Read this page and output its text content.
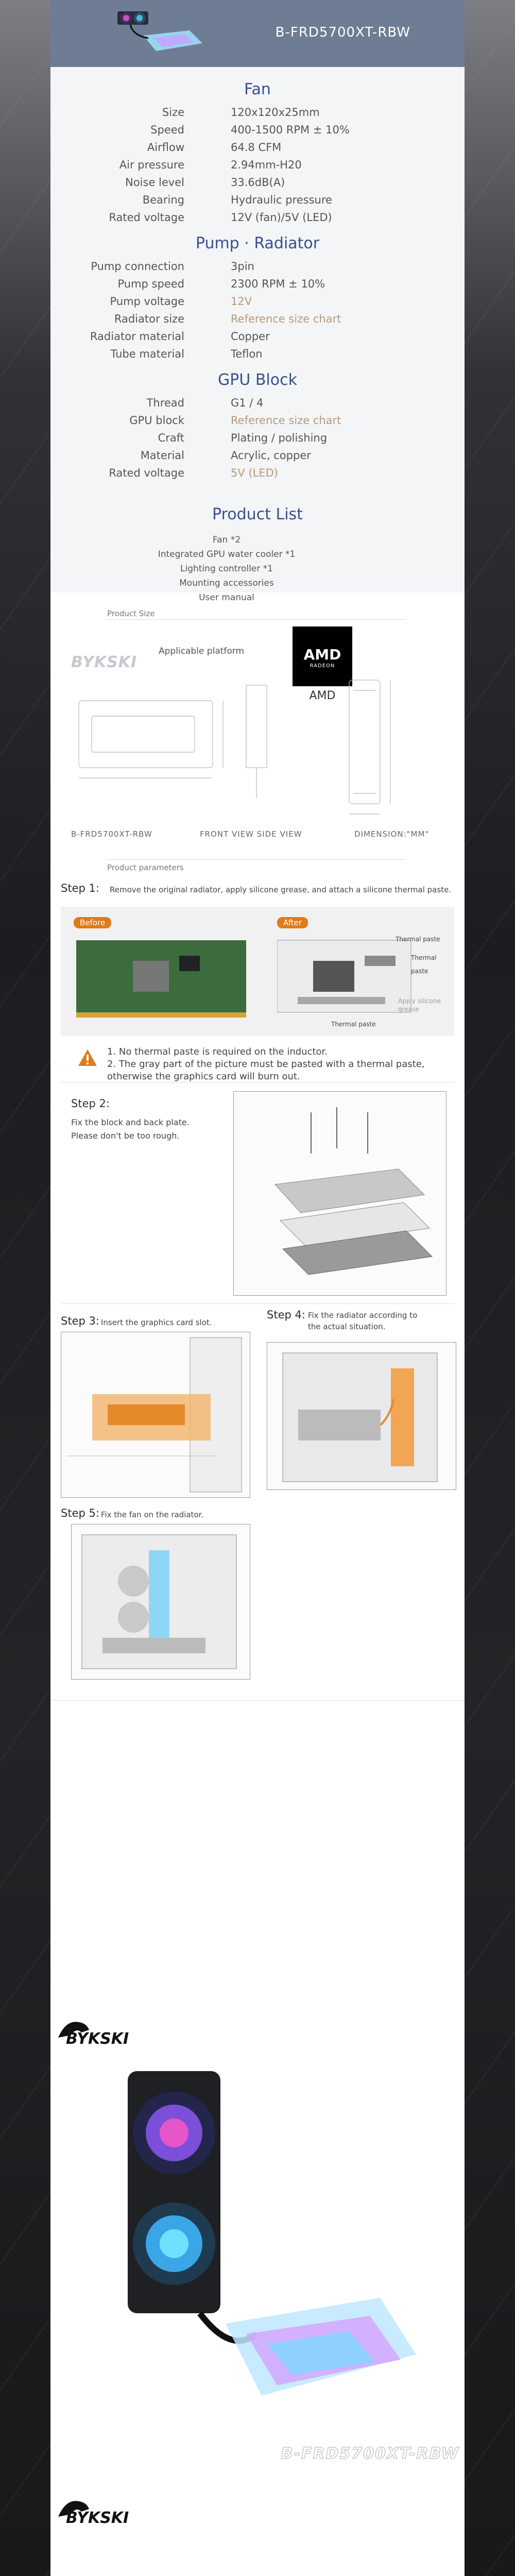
B-FRD5700XT-RBW
Fan
Size	120x120x25mm
Speed	400-1500 RPM ± 10%
Airflow	64.8 CFM
Air pressure	2.94mm-H20
Noise level	33.6dB(A)
Bearing	Hydraulic pressure
Rated voltage	12V (fan)/5V (LED)
Pump · Radiator
Pump connection	3pin
Pump speed	2300 RPM ± 10%
Pump voltage	12V
Radiator size	Reference size chart
Radiator material	Copper
Tube material	Teflon
GPU Block
Thread	G1 / 4
GPU block	Reference size chart
Craft	Plating / polishing
Material	Acrylic, copper
Rated voltage	5V (LED)
Product List
Fan *2
Integrated GPU water cooler *1
Lighting controller *1
Mounting accessories
User manual
Applicable platform	AMD
RADEON
AMD
Product Size
BYKSKI
B-FRD5700XT-RBW	FRONT VIEW SIDE VIEW	DIMENSION:"MM"
Product parameters
Step 1: Remove the original radiator, apply silicone grease, and attach a silicone thermal paste.
Before	After
Thermal paste
Thermal paste
Apply silicone grease
Thermal paste
1. No thermal paste is required on the inductor.
2. The gray part of the picture must be pasted with a thermal paste,
otherwise the graphics card will burn out.
Step 2:
Fix the block and back plate.
Please don't be too rough.
Step 3: Insert the graphics card slot.
Step 4: Fix the radiator according to
the actual situation.
Step 5: Fix the fan on the radiator.
BYKSKI
B-FRD5700XT-RBW
BYKSKI
